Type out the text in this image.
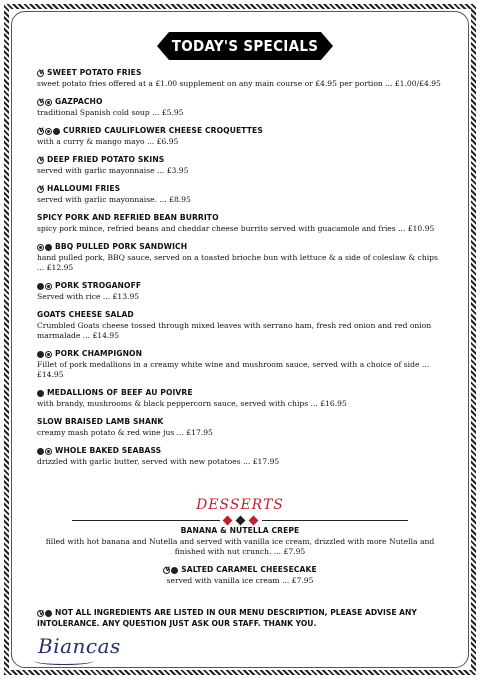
TODAY'S SPECIALS
VSWEET POTATO FRIES
sweet potato fries offered at a £1.00 supplement on any main course or £4.95 per portion ... £1.00/£4.95
VGAZPACHO
traditional Spanish cold soup ... £5.95
VCURRIED CAULIFLOWER CHEESE CROQUETTES
with a curry & mango mayo ... £6.95
VDEEP FRIED POTATO SKINS
served with garlic mayonnaise ... £3.95
VHALLOUMI FRIES
served with garlic mayonnaise. ... £8.95
SPICY PORK AND REFRIED BEAN BURRITO
spicy pork mince, refried beans and cheddar cheese burrito served with guacamole and fries ... £10.95
BBQ PULLED PORK SANDWICH
hand pulled pork, BBQ sauce, served on a toasted brioche bun with lettuce & a side of coleslaw & chips ... £12.95
PORK STROGANOFF
Served with rice ... £13.95
GOATS CHEESE SALAD
Crumbled Goats cheese tossed through mixed leaves with serrano ham, fresh red onion and red onion marmalade ... £14.95
PORK CHAMPIGNON
Fillet of pork medallions in a creamy white wine and mushroom sauce, served with a choice of side ... £14.95
MEDALLIONS OF BEEF AU POIVRE
with brandy, mushrooms & black peppercorn sauce, served with chips ... £16.95
SLOW BRAISED LAMB SHANK
creamy mash potato & red wine jus ... £17.95
WHOLE BAKED SEABASS
drizzled with garlic butter, served with new potatoes ... £17.95
DESSERTS
BANANA & NUTELLA CREPE
filled with hot banana and Nutella and served with vanilla ice cream, drizzled with more Nutella and finished with nut crunch. ... £7.95
VSALTED CARAMEL CHEESECAKE
served with vanilla ice cream ... £7.95
VNOT ALL INGREDIENTS ARE LISTED IN OUR MENU DESCRIPTION, PLEASE ADVISE ANY INTOLERANCE. ANY QUESTION JUST ASK OUR STAFF. THANK YOU.
Biancas
